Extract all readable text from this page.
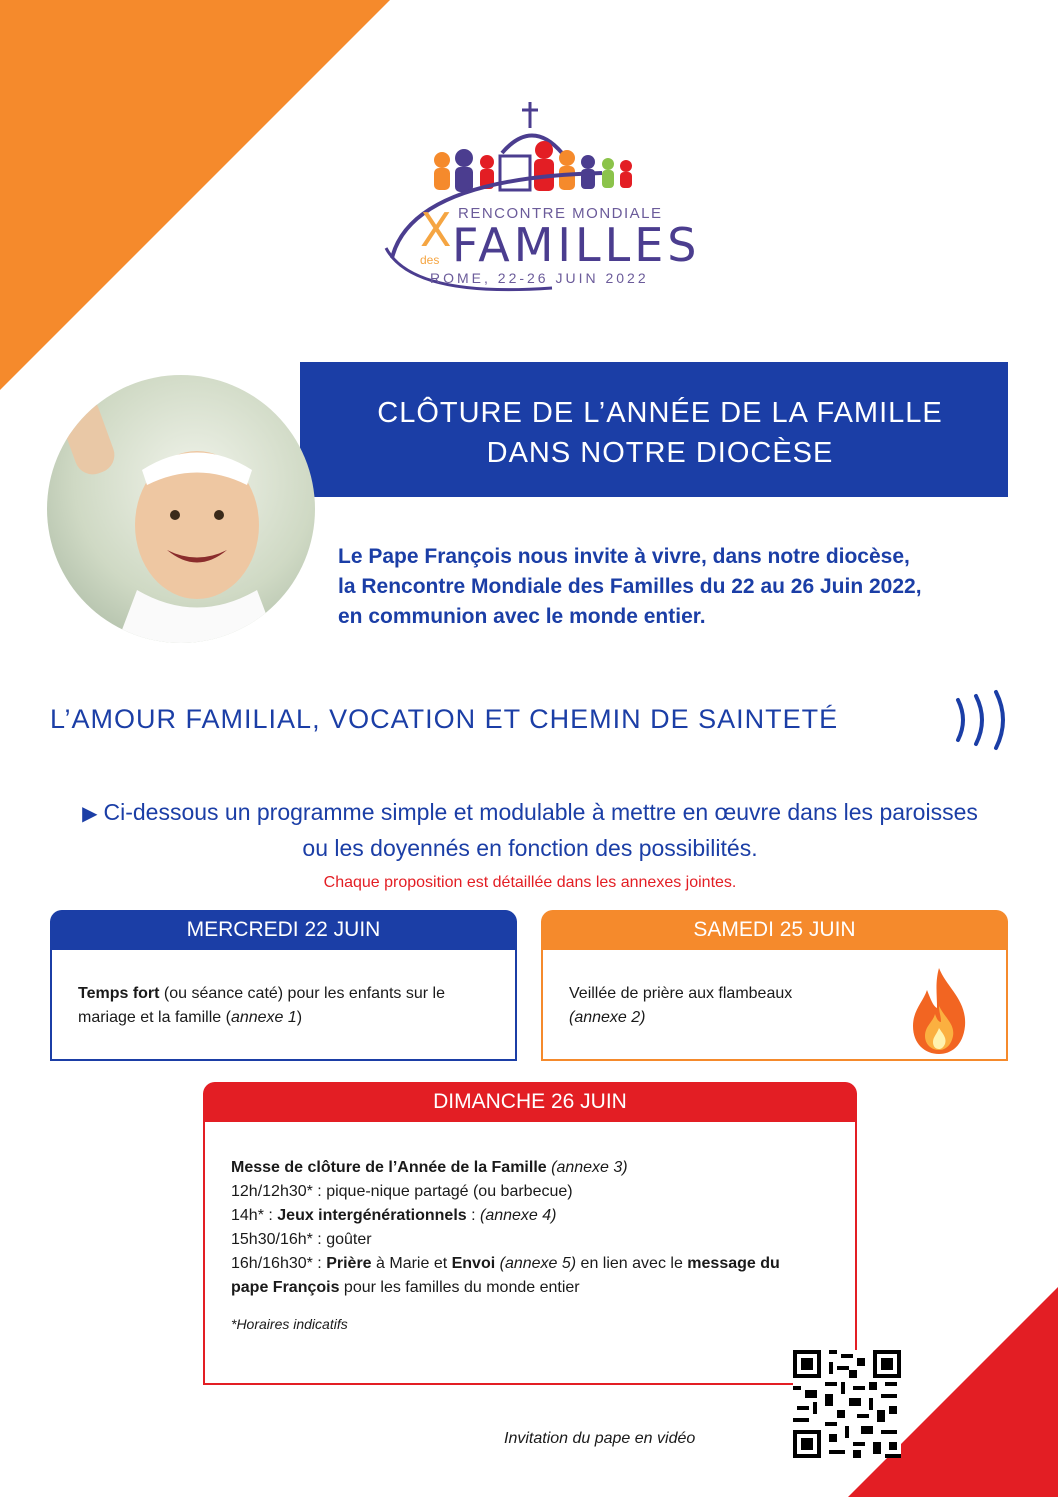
X RENCONTRE MONDIALE
FAMILLES
des
ROME, 22-26 JUIN 2022
CLÔTURE DE L’ANNÉE DE LA FAMILLE
DANS NOTRE DIOCÈSE
Le Pape François nous invite à vivre, dans notre diocèse,
la Rencontre Mondiale des Familles du 22 au 26 Juin 2022,
en communion avec le monde entier.
L’AMOUR FAMILIAL, VOCATION ET CHEMIN DE SAINTETÉ
▶ Ci-dessous un programme simple et modulable à mettre en œuvre dans les paroisses
ou les doyennés en fonction des possibilités.
Chaque proposition est détaillée dans les annexes jointes.
MERCREDI 22 JUIN
Temps fort (ou séance caté) pour les enfants sur le
mariage et la famille (annexe 1)
SAMEDI 25 JUIN
Veillée de prière aux flambeaux
(annexe 2)
DIMANCHE 26 JUIN
Messe de clôture de l’Année de la Famille (annexe 3)
12h/12h30* : pique-nique partagé (ou barbecue)
14h* : Jeux intergénérationnels : (annexe 4)
15h30/16h* : goûter
16h/16h30* : Prière à Marie et Envoi (annexe 5) en lien avec le message du
pape François pour les familles du monde entier
*Horaires indicatifs
Invitation du pape en vidéo
